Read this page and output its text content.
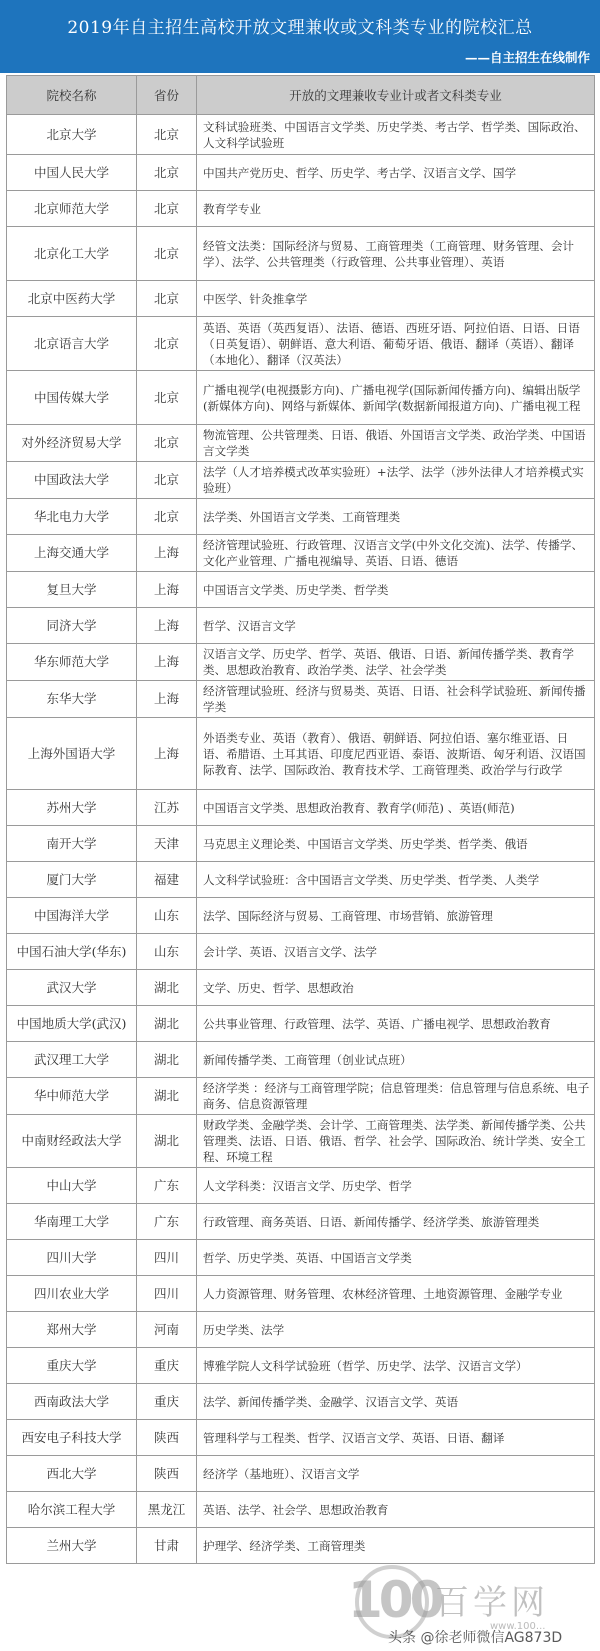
2019年自主招生高校开放文理兼收或文科类专业的院校汇总
——自主招生在线制作
院校名称	省份	开放的文理兼收专业计或者文科类专业
北京大学	北京	文科试验班类、中国语言文学类、历史学类、考古学、哲学类、国际政治、人文科学试验班
中国人民大学	北京	中国共产党历史、哲学、历史学、考古学、汉语言文学、国学
北京师范大学	北京	教育学专业
北京化工大学	北京	经管文法类：国际经济与贸易、工商管理类（工商管理、财务管理、会计学）、法学、公共管理类（行政管理、公共事业管理）、英语
北京中医药大学	北京	中医学、针灸推拿学
北京语言大学	北京	英语、英语（英西复语）、法语、德语、西班牙语、阿拉伯语、日语、日语（日英复语）、朝鲜语、意大利语、葡萄牙语、俄语、翻译（英语）、翻译（本地化）、翻译（汉英法）
中国传媒大学	北京	广播电视学(电视摄影方向)、广播电视学(国际新闻传播方向)、编辑出版学(新媒体方向)、网络与新媒体、新闻学(数据新闻报道方向)、广播电视工程
对外经济贸易大学	北京	物流管理、公共管理类、日语、俄语、外国语言文学类、政治学类、中国语言文学类
中国政法大学	北京	法学（人才培养模式改革实验班）+法学、法学（涉外法律人才培养模式实验班）
华北电力大学	北京	法学类、外国语言文学类、工商管理类
上海交通大学	上海	经济管理试验班、行政管理、汉语言文学(中外文化交流)、法学、传播学、文化产业管理、广播电视编导、英语、日语、德语
复旦大学	上海	中国语言文学类、历史学类、哲学类
同济大学	上海	哲学、汉语言文学
华东师范大学	上海	汉语言文学、历史学、哲学、英语、俄语、日语、新闻传播学类、教育学类、思想政治教育、政治学类、法学、社会学类
东华大学	上海	经济管理试验班、经济与贸易类、英语、日语、社会科学试验班、新闻传播学类
上海外国语大学	上海	外语类专业、英语（教育）、俄语、朝鲜语、阿拉伯语、塞尔维亚语、日语、希腊语、土耳其语、印度尼西亚语、泰语、波斯语、匈牙利语、汉语国际教育、法学、国际政治、教育技术学、工商管理类、政治学与行政学
苏州大学	江苏	中国语言文学类、思想政治教育、教育学(师范) 、英语(师范)
南开大学	天津	马克思主义理论类、中国语言文学类、历史学类、哲学类、俄语
厦门大学	福建	人文科学试验班：含中国语言文学类、历史学类、哲学类、人类学
中国海洋大学	山东	法学、国际经济与贸易、工商管理、市场营销、旅游管理
中国石油大学(华东)	山东	会计学、英语、汉语言文学、法学
武汉大学	湖北	文学、历史、哲学、思想政治
中国地质大学(武汉)	湖北	公共事业管理、行政管理、法学、英语、广播电视学、思想政治教育
武汉理工大学	湖北	新闻传播学类、工商管理（创业试点班）
华中师范大学	湖北	经济学类 ：经济与工商管理学院；信息管理类：信息管理与信息系统、电子商务、信息资源管理
中南财经政法大学	湖北	财政学类、金融学类、会计学、工商管理类、法学类、新闻传播学类、公共管理类、法语、日语、俄语、哲学、社会学、国际政治、统计学类、安全工程、环境工程
中山大学	广东	人文学科类：汉语言文学、历史学、哲学
华南理工大学	广东	行政管理、商务英语、日语、新闻传播学、经济学类、旅游管理类
四川大学	四川	哲学、历史学类、英语、中国语言文学类
四川农业大学	四川	人力资源管理、财务管理、农林经济管理、土地资源管理、金融学专业
郑州大学	河南	历史学类、法学
重庆大学	重庆	博雅学院人文科学试验班（哲学、历史学、法学、汉语言文学）
西南政法大学	重庆	法学、新闻传播学类、金融学、汉语言文学、英语
西安电子科技大学	陕西	管理科学与工程类、哲学、汉语言文学、英语、日语、翻译
西北大学	陕西	经济学（基地班）、汉语言文学
哈尔滨工程大学	黑龙江	英语、法学、社会学、思想政治教育
兰州大学	甘肃	护理学、经济学类、工商管理类
100
百学网
www.100...
头条 @徐老师微信AG873D
